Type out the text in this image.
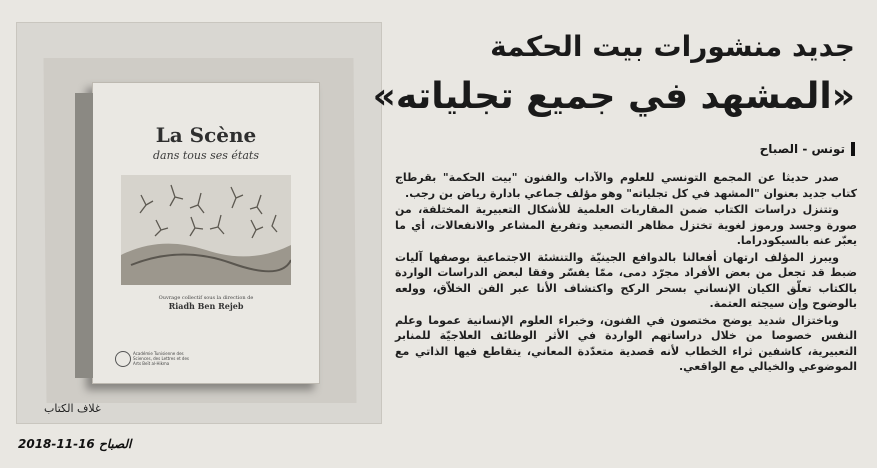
La Scène
dans tous ses états
Ouvrage collectif sous la direction de
Riadh Ben Rejeb
Académie Tunisienne des Sciences, des Lettres et des Arts Beït al-Hikma
غلاف الكتاب
جديد منشورات بيت الحكمة
«المشهد في جميع تجلياته»
تونس - الصباح

صدر حديثا عن المجمع التونسي للعلوم والآداب والفنون "بيت الحكمة" بقرطاج كتاب جديد بعنوان "المشهد في كل تجلياته" وهو مؤلف جماعي بادارة رياض بن رجب.

وتتنزل دراسات الكتاب ضمن المقاربات العلمية للأشكال التعبيرية المختلفة، من صورة وجسد ورموز لغوية تختزل مظاهر التصعيد وتفريغ المشاعر والانفعالات، أي ما يعبّر عنه بالسيكودراما.

ويبرز المؤلف ارتهان أفعالنا بالدوافع الجينيّة والتنشئة الاجتماعية بوصفها آليات ضبط قد تجعل من بعض الأفراد مجرّد دمى، ممّا يفسّر وفقا لبعض الدراسات الواردة بالكتاب تعلّق الكيان الإنساني بسحر الركح واكتشاف الأنا عبر الفن الخلاّق، وولعه بالوضوح وإن سيجته العتمة.

وباختزال شديد يوضح مختصون في الفنون، وخبراء العلوم الإنسانية عموما وعلم النفس خصوصا من خلال دراساتهم الواردة في الأثر الوظائف العلاجيّة للمنابر التعبيرية، كاشفين ثراء الخطاب لأنه قصدية متعدّدة المعاني، يتقاطع فيها الذاتي مع الموضوعي والخيالي مع الواقعي.

الصباح 16-11-2018
